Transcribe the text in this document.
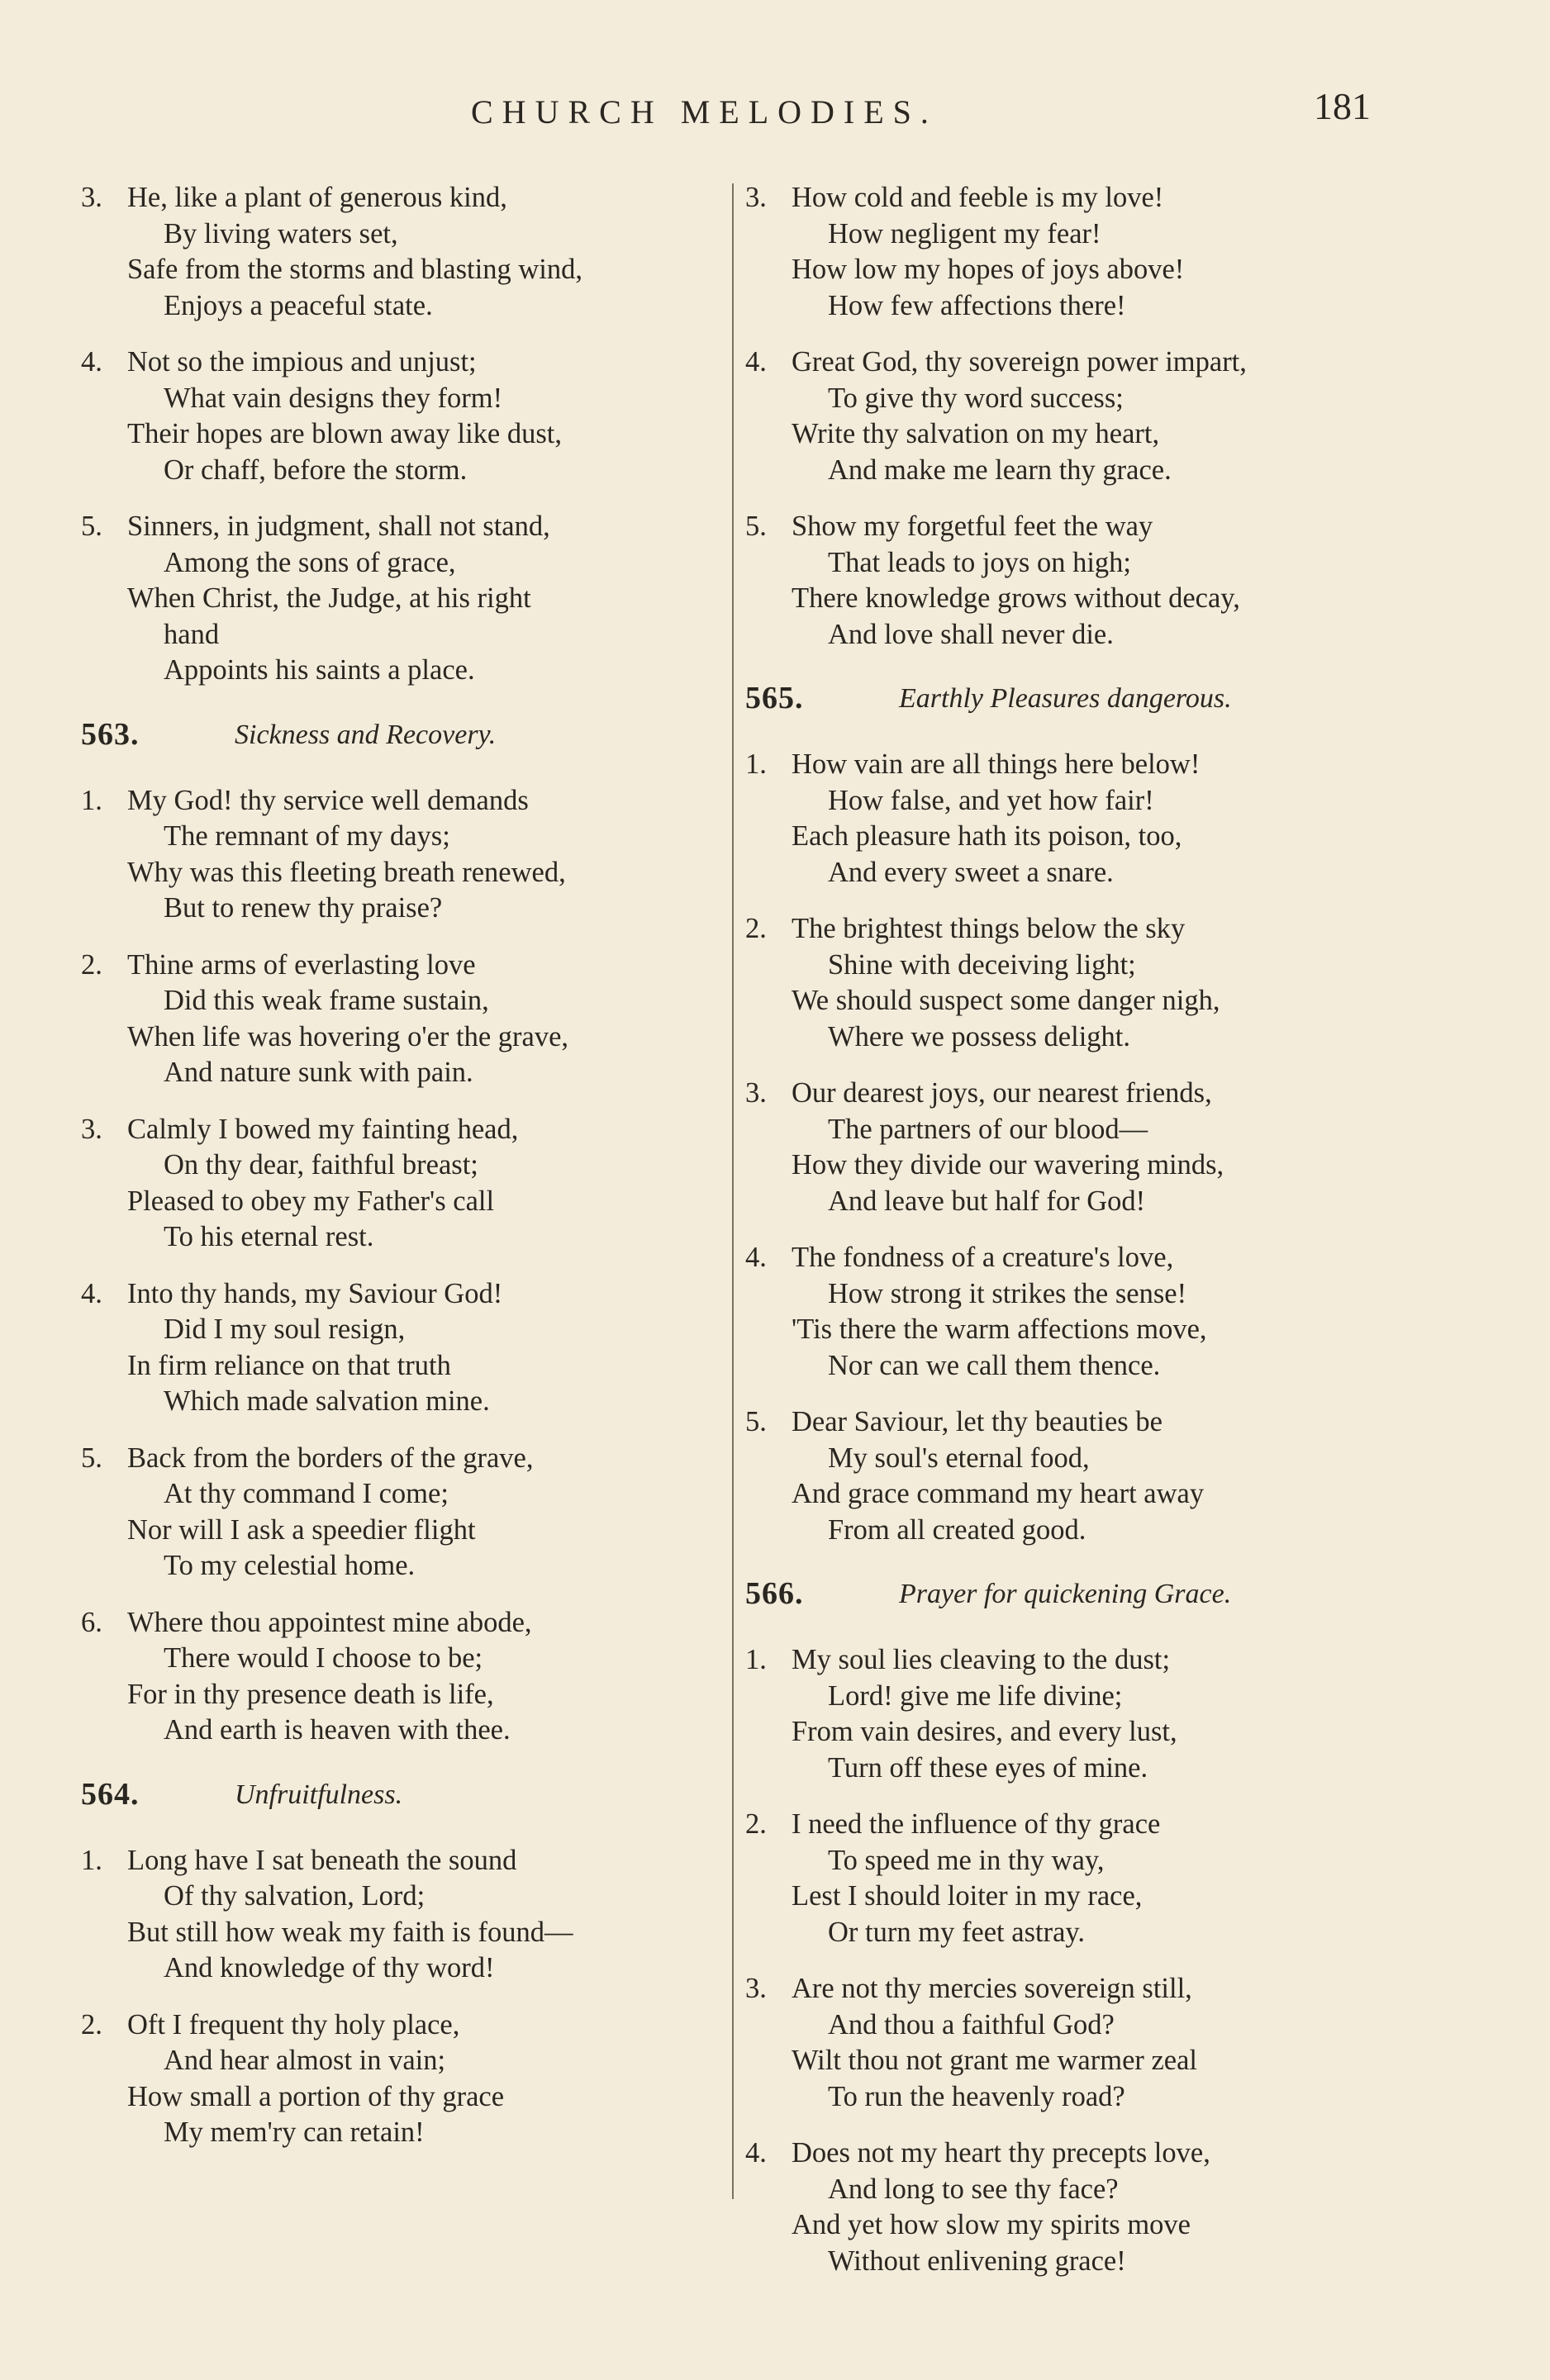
CHURCH MELODIES.	181
3. He, like a plant of generous kind,
By living waters set,
Safe from the storms and blasting wind,
Enjoys a peaceful state.
4. Not so the impious and unjust;
What vain designs they form!
Their hopes are blown away like dust,
Or chaff, before the storm.
5. Sinners, in judgment, shall not stand,
Among the sons of grace,
When Christ, the Judge, at his right
hand
Appoints his saints a place.
563.	Sickness and Recovery.
1. My God! thy service well demands
The remnant of my days;
Why was this fleeting breath renewed,
But to renew thy praise?
2. Thine arms of everlasting love
Did this weak frame sustain,
When life was hovering o'er the grave,
And nature sunk with pain.
3. Calmly I bowed my fainting head,
On thy dear, faithful breast;
Pleased to obey my Father's call
To his eternal rest.
4. Into thy hands, my Saviour God!
Did I my soul resign,
In firm reliance on that truth
Which made salvation mine.
5. Back from the borders of the grave,
At thy command I come;
Nor will I ask a speedier flight
To my celestial home.
6. Where thou appointest mine abode,
There would I choose to be;
For in thy presence death is life,
And earth is heaven with thee.
564.	Unfruitfulness.
1. Long have I sat beneath the sound
Of thy salvation, Lord;
But still how weak my faith is found—
And knowledge of thy word!
2. Oft I frequent thy holy place,
And hear almost in vain;
How small a portion of thy grace
My mem'ry can retain!
3. How cold and feeble is my love!
How negligent my fear!
How low my hopes of joys above!
How few affections there!
4. Great God, thy sovereign power impart,
To give thy word success;
Write thy salvation on my heart,
And make me learn thy grace.
5. Show my forgetful feet the way
That leads to joys on high;
There knowledge grows without decay,
And love shall never die.
565.	Earthly Pleasures dangerous.
1. How vain are all things here below!
How false, and yet how fair!
Each pleasure hath its poison, too,
And every sweet a snare.
2. The brightest things below the sky
Shine with deceiving light;
We should suspect some danger nigh,
Where we possess delight.
3. Our dearest joys, our nearest friends,
The partners of our blood—
How they divide our wavering minds,
And leave but half for God!
4. The fondness of a creature's love,
How strong it strikes the sense!
'Tis there the warm affections move,
Nor can we call them thence.
5. Dear Saviour, let thy beauties be
My soul's eternal food,
And grace command my heart away
From all created good.
566.	Prayer for quickening Grace.
1. My soul lies cleaving to the dust;
Lord! give me life divine;
From vain desires, and every lust,
Turn off these eyes of mine.
2. I need the influence of thy grace
To speed me in thy way,
Lest I should loiter in my race,
Or turn my feet astray.
3. Are not thy mercies sovereign still,
And thou a faithful God?
Wilt thou not grant me warmer zeal
To run the heavenly road?
4. Does not my heart thy precepts love,
And long to see thy face?
And yet how slow my spirits move
Without enlivening grace!
